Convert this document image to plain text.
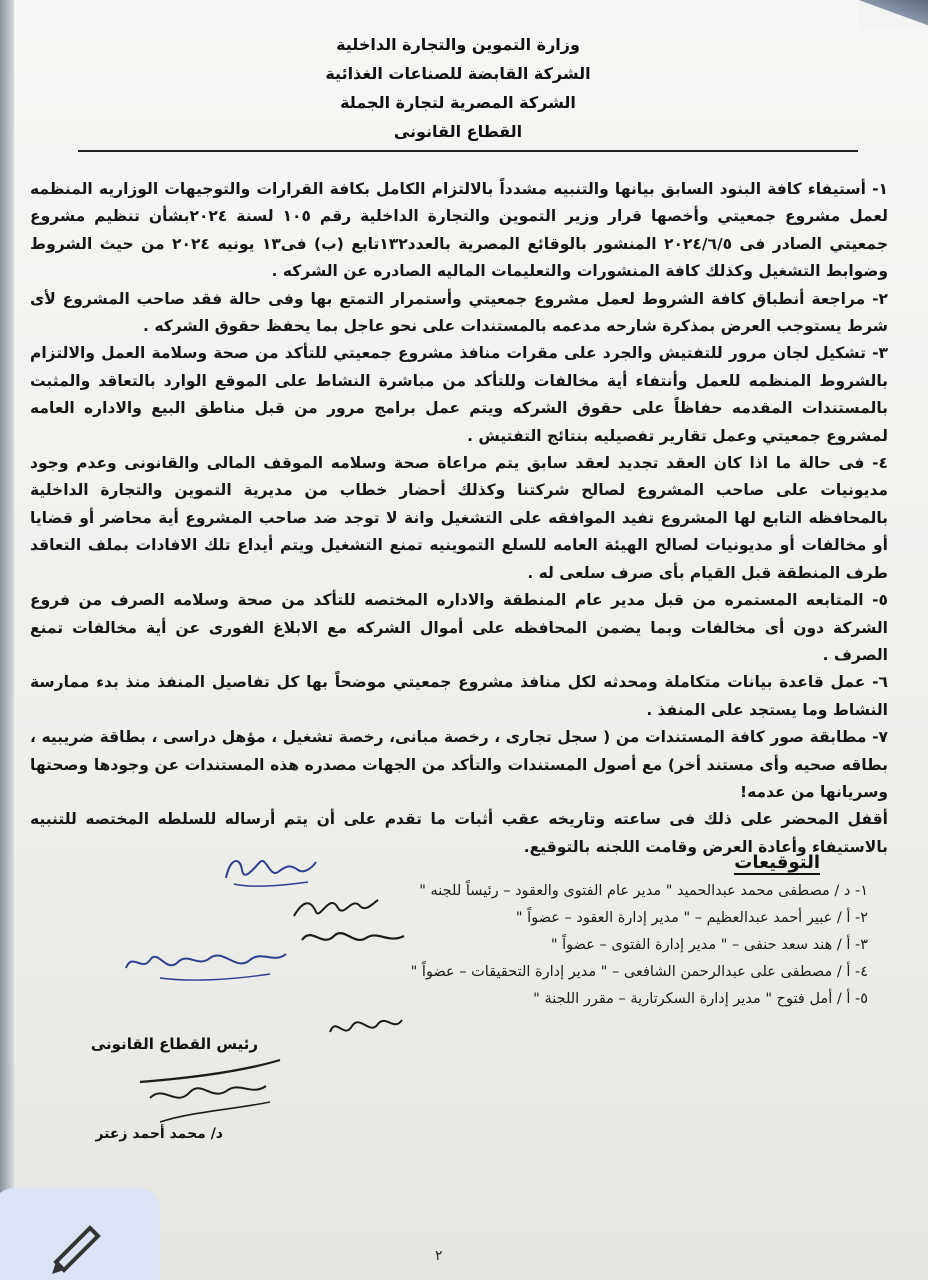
وزارة التموين والتجارة الداخلية
الشركة القابضة للصناعات الغذائية
الشركة المصرية لتجارة الجملة
القطاع القانونى

١- أستيفاء كافة البنود السابق بيانها والتنبيه مشدداً بالالتزام الكامل بكافة القرارات والتوجيهات الوزاريه المنظمه لعمل مشروع جمعيتي وأخصها قرار وزير التموين والتجارة الداخلية رقم ١٠٥ لسنة ٢٠٢٤بشأن تنظيم مشروع جمعيتي الصادر فى ٢٠٢٤/٦/٥ المنشور بالوقائع المصرية بالعدد١٣٢تابع (ب) فى١٣ يونيه ٢٠٢٤ من حيث الشروط وضوابط التشغيل وكذلك كافة المنشورات والتعليمات الماليه الصادره عن الشركه .

٢- مراجعة أنطباق كافة الشروط لعمل مشروع جمعيتي وأستمرار التمتع بها وفى حالة فقد صاحب المشروع لأى شرط يستوجب العرض بمذكرة شارحه مدعمه بالمستندات على نحو عاجل بما يحفظ حقوق الشركه .

٣- تشكيل لجان مرور للتفتيش والجرد على مقرات منافذ مشروع جمعيتي للتأكد من صحة وسلامة العمل والالتزام بالشروط المنظمه للعمل وأنتفاء أية مخالفات وللتأكد من مباشرة النشاط على الموقع الوارد بالتعاقد والمثبت بالمستندات المقدمه حفاظاً على حقوق الشركه ويتم عمل برامج مرور من قبل مناطق البيع والاداره العامه لمشروع جمعيتي وعمل تقارير تفصيليه بنتائج التفتيش .

٤- فى حالة ما اذا كان العقد تجديد لعقد سابق يتم مراعاة صحة وسلامه الموقف المالى والقانونى وعدم وجود مديونيات على صاحب المشروع لصالح شركتنا وكذلك أحضار خطاب من مديرية التموين والتجارة الداخلية بالمحافظه التابع لها المشروع تفيد الموافقه على التشغيل وانة لا توجد ضد صاحب المشروع أية محاضر أو قضايا أو مخالفات أو مديونيات لصالح الهيئة العامه للسلع التموينيه تمنع التشغيل ويتم أيداع تلك الافادات بملف التعاقد طرف المنطقة قبل القيام بأى صرف سلعى له .

٥- المتابعه المستمره من قبل مدير عام المنطقة والاداره المختصه للتأكد من صحة وسلامه الصرف من فروع الشركة دون أى مخالفات وبما يضمن المحافظه على أموال الشركه مع الابلاغ الفورى عن أية مخالفات تمنع الصرف .

٦- عمل قاعدة بيانات متكاملة ومحدثه لكل منافذ مشروع جمعيتي موضحاً بها كل تفاصيل المنفذ منذ بدء ممارسة النشاط وما يستجد على المنفذ .

٧- مطابقة صور كافة المستندات من ( سجل تجارى ، رخصة مبانى، رخصة تشغيل ، مؤهل دراسى ، بطاقة ضريبيه ، بطاقه صحيه وأى مستند أخر) مع أصول المستندات والتأكد من الجهات مصدره هذه المستندات عن وجودها وصحتها وسريانها من عدمه!

أقفل المحضر على ذلك فى ساعته وتاريخه عقب أثبات ما تقدم على أن يتم أرساله للسلطه المختصه للتنبيه بالاستيفاء وأعادة العرض وقامت اللجنه بالتوقيع.

التوقيعات
١- د / مصطفى محمد عبدالحميد " مدير عام الفتوى والعقود – رئيساً للجنه "
٢- أ / عبير أحمد عبدالعظيم – " مدير إدارة العقود – عضواً "
٣- أ / هند سعد حنفى – " مدير إدارة الفتوى – عضواً "
٤- أ / مصطفى على عبدالرحمن الشافعى – " مدير إدارة التحقيقات – عضواً "
٥- أ / أمل فتوح " مدير إدارة السكرتارية – مقرر اللجنة "
رئيس القطاع القانونى
د/ محمد أحمد زعتر
٢
